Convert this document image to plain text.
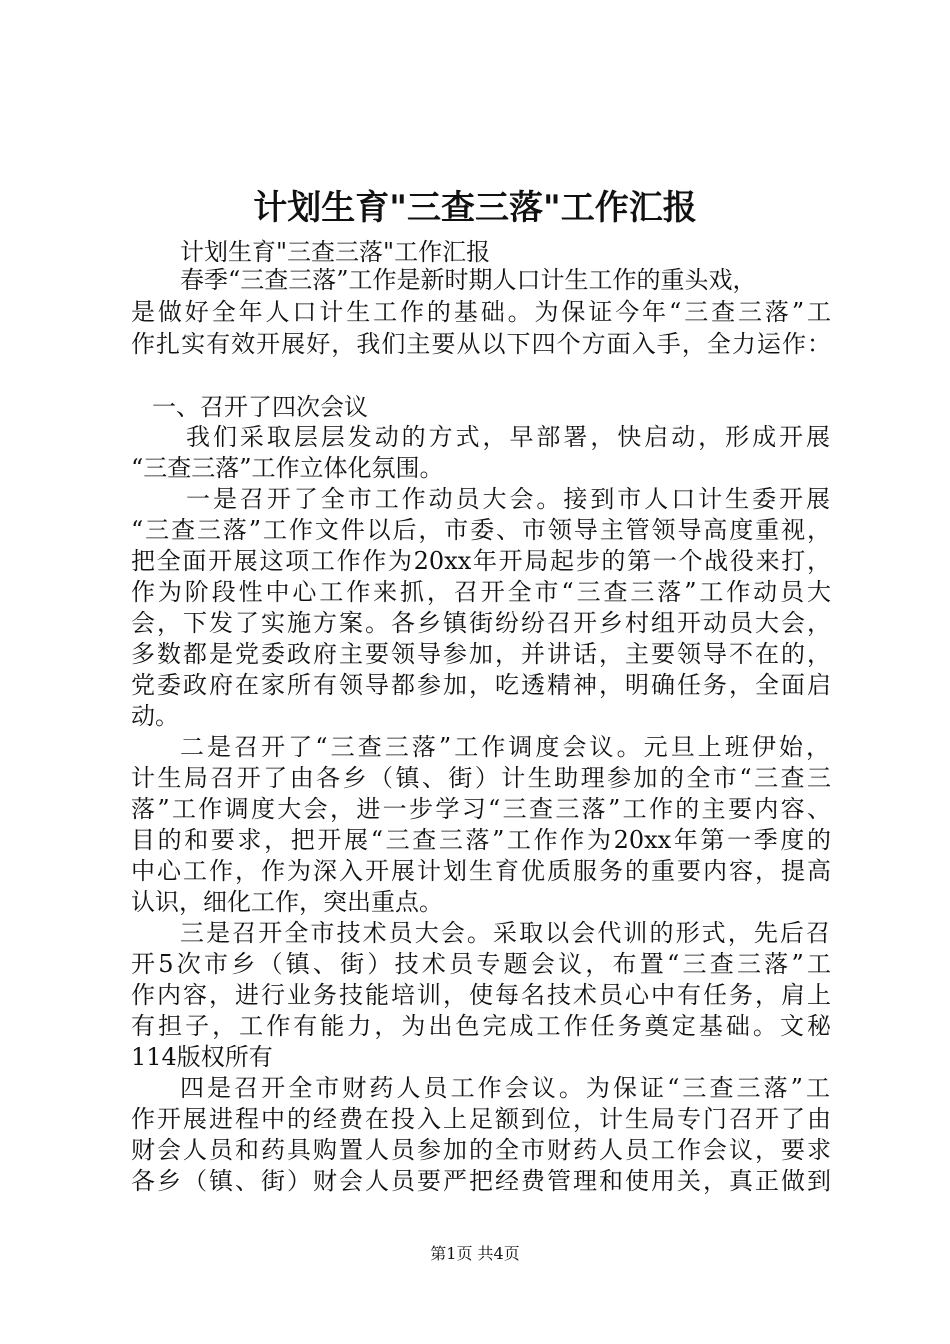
计划生育"三查三落"工作汇报
计划生育"三查三落"工作汇报
春季“三查三落”工作是新时期人口计生工作的重头戏，
是做好全年人口计生工作的基础。为保证今年“三查三落”工
作扎实有效开展好，我们主要从以下四个方面入手，全力运作：
一、召开了四次会议
我们采取层层发动的方式，早部署，快启动，形成开展
“三查三落”工作立体化氛围。
一是召开了全市工作动员大会。接到市人口计生委开展
“三查三落”工作文件以后，市委、市领导主管领导高度重视，
把全面开展这项工作作为20xx年开局起步的第一个战役来打，
作为阶段性中心工作来抓，召开全市“三查三落”工作动员大
会，下发了实施方案。各乡镇街纷纷召开乡村组开动员大会，
多数都是党委政府主要领导参加，并讲话，主要领导不在的，
党委政府在家所有领导都参加，吃透精神，明确任务，全面启
动。
二是召开了“三查三落”工作调度会议。元旦上班伊始，
计生局召开了由各乡（镇、街）计生助理参加的全市“三查三
落”工作调度大会，进一步学习“三查三落”工作的主要内容、
目的和要求，把开展“三查三落”工作作为20xx年第一季度的
中心工作，作为深入开展计划生育优质服务的重要内容，提高
认识，细化工作，突出重点。
三是召开全市技术员大会。采取以会代训的形式，先后召
开5次市乡（镇、街）技术员专题会议，布置“三查三落”工
作内容，进行业务技能培训，使每名技术员心中有任务，肩上
有担子，工作有能力，为出色完成工作任务奠定基础。文秘
114版权所有
四是召开全市财药人员工作会议。为保证“三查三落”工
作开展进程中的经费在投入上足额到位，计生局专门召开了由
财会人员和药具购置人员参加的全市财药人员工作会议，要求
各乡（镇、街）财会人员要严把经费管理和使用关，真正做到
第1页 共4页
